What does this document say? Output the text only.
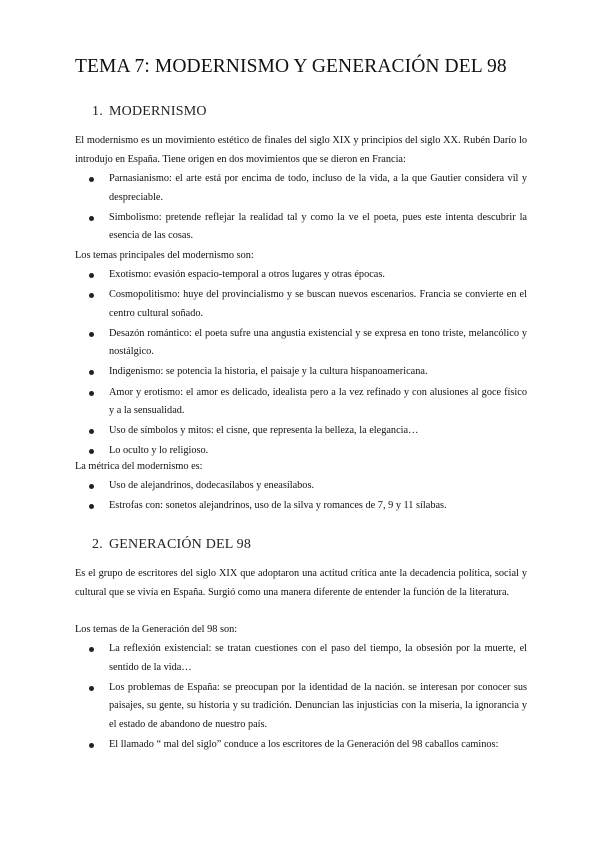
TEMA 7: MODERNISMO Y GENERACIÓN DEL 98
1. MODERNISMO

El modernismo es un movimiento estético de finales del siglo XIX y principios del siglo XX. Rubén Darío lo introdujo en España. Tiene origen en dos movimientos que se dieron en Francia:

Parnasianismo: el arte está por encima de todo, incluso de la vida, a la que Gautier considera vil y despreciable.
Simbolismo: pretende reflejar la realidad tal y como la ve el poeta, pues este intenta descubrir la esencia de las cosas.

Los temas principales del modernismo son:

Exotismo: evasión espacio-temporal a otros lugares y otras épocas.
Cosmopolitismo: huye del provincialismo y se buscan nuevos escenarios. Francia se convierte en el centro cultural soñado.
Desazón romántico: el poeta sufre una angustia existencial y se expresa en tono triste, melancólico y nostálgico.
Indigenismo: se potencia la historia, el paisaje y la cultura hispanoamericana.
Amor y erotismo: el amor es delicado, idealista pero a la vez refinado y con alusiones al goce físico y a la sensualidad.
Uso de símbolos y mitos: el cisne, que representa la belleza, la elegancia…
Lo oculto y lo religioso.

La métrica del modernismo es:

Uso de alejandrinos, dodecasílabos y eneasílabos.
Estrofas con: sonetos alejandrinos, uso de la silva y romances de 7, 9 y 11 sílabas.
2. GENERACIÓN DEL 98

Es el grupo de escritores del siglo XIX que adoptaron una actitud crítica ante la decadencia política, social y cultural que se vivía en España. Surgió como una manera diferente de entender la función de la literatura.

Los temas de la Generación del 98 son:

La reflexión existencial: se tratan cuestiones con el paso del tiempo, la obsesión por la muerte, el sentido de la vida…
Los problemas de España: se preocupan por la identidad de la nación. se interesan por conocer sus paisajes, su gente, su historia y su tradición. Denuncian las injusticias con la miseria, la ignorancia y el estado de abandono de nuestro país.
El llamado “ mal del siglo” conduce a los escritores de la Generación del 98 caballos caminos:
